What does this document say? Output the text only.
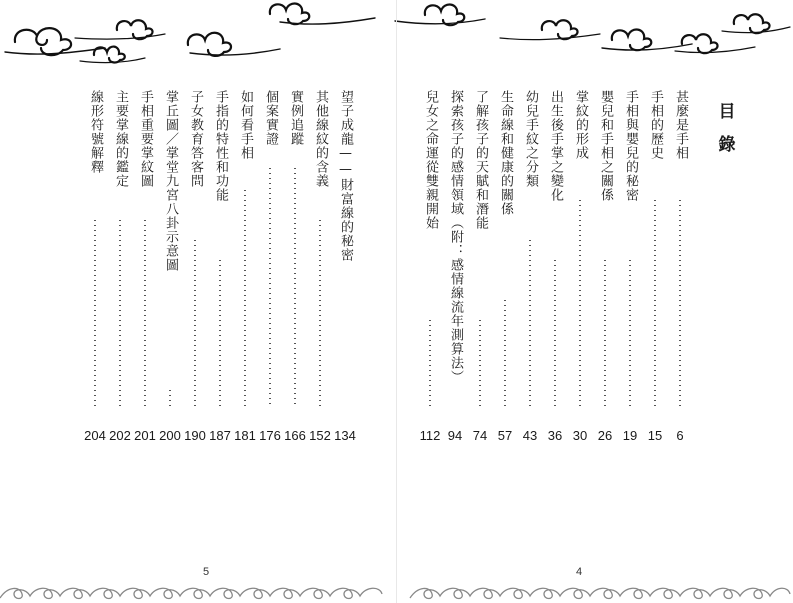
望子成龍——財富線的秘密
134
其他線紋的含義
152
實例追蹤
166
個案實證
176
如何看手相
181
手指的特性和功能
187
子女教育答客問
190
掌丘圖／掌堂九宮八卦示意圖
200
手相重要掌紋圖
201
主要掌線的鑑定
202
線形符號解釋
204
甚麼是手相
6
手相的歷史
15
手相與嬰兒的秘密
19
嬰兒和手相之關係
26
掌紋的形成
30
出生後手掌之變化
36
幼兒手紋之分類
43
生命線和健康的關係
57
了解孩子的天賦和潛能
74
探索孩子的感情領域（附：感情線流年測算法）
94
兒女之命運從雙親開始
112
目
錄
5	4
